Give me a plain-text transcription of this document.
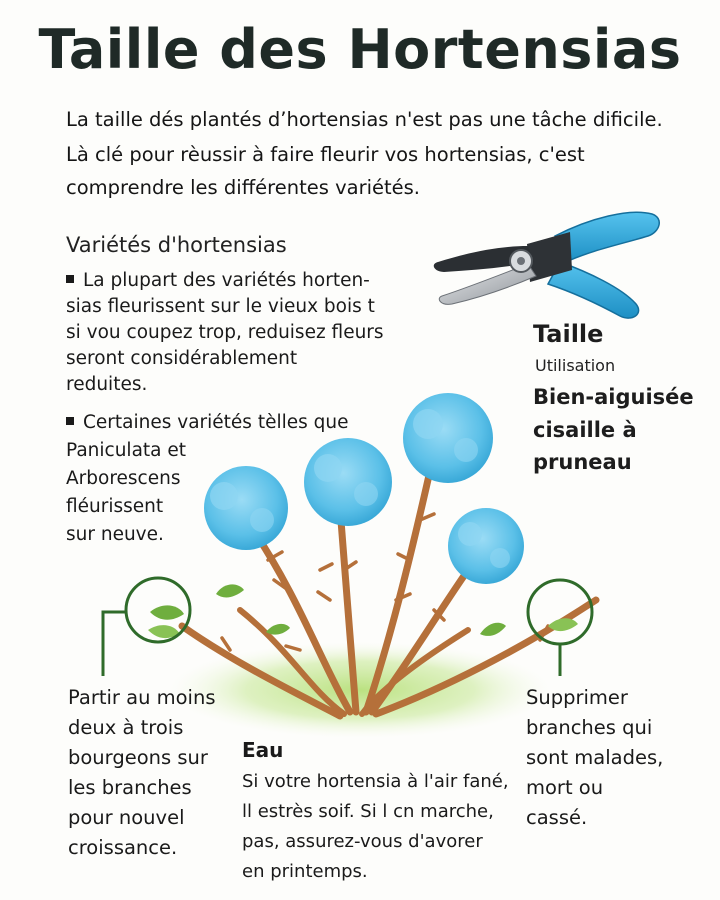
Taille des Hortensias
La taille dés plantés d’hortensias n'est pas une tâche dificile.
Là clé pour rèussir à faire fleurir vos hortensias, c'est
comprendre les différentes variétés.
Variétés d'hortensias
La plupart des variétés horten-
sias fleurissent sur le vieux bois t
si vou coupez trop, reduisez fleurs
seront considérablement
reduites.
Certaines variétés tèlles que
Paniculata et
Arborescens
fléurissent
sur neuve.
Taille
Utilisation
Bien-aiguisée
cisaille à
pruneau
Partir au moins
deux à trois
bourgeons sur
les branches
pour nouvel
croissance.
Supprimer
branches qui
sont malades,
mort ou
cassé.
Eau
Si votre hortensia à l'air fané,
ll estrès soif. Si l cn marche,
pas, assurez-vous d'avorer
en printemps.
